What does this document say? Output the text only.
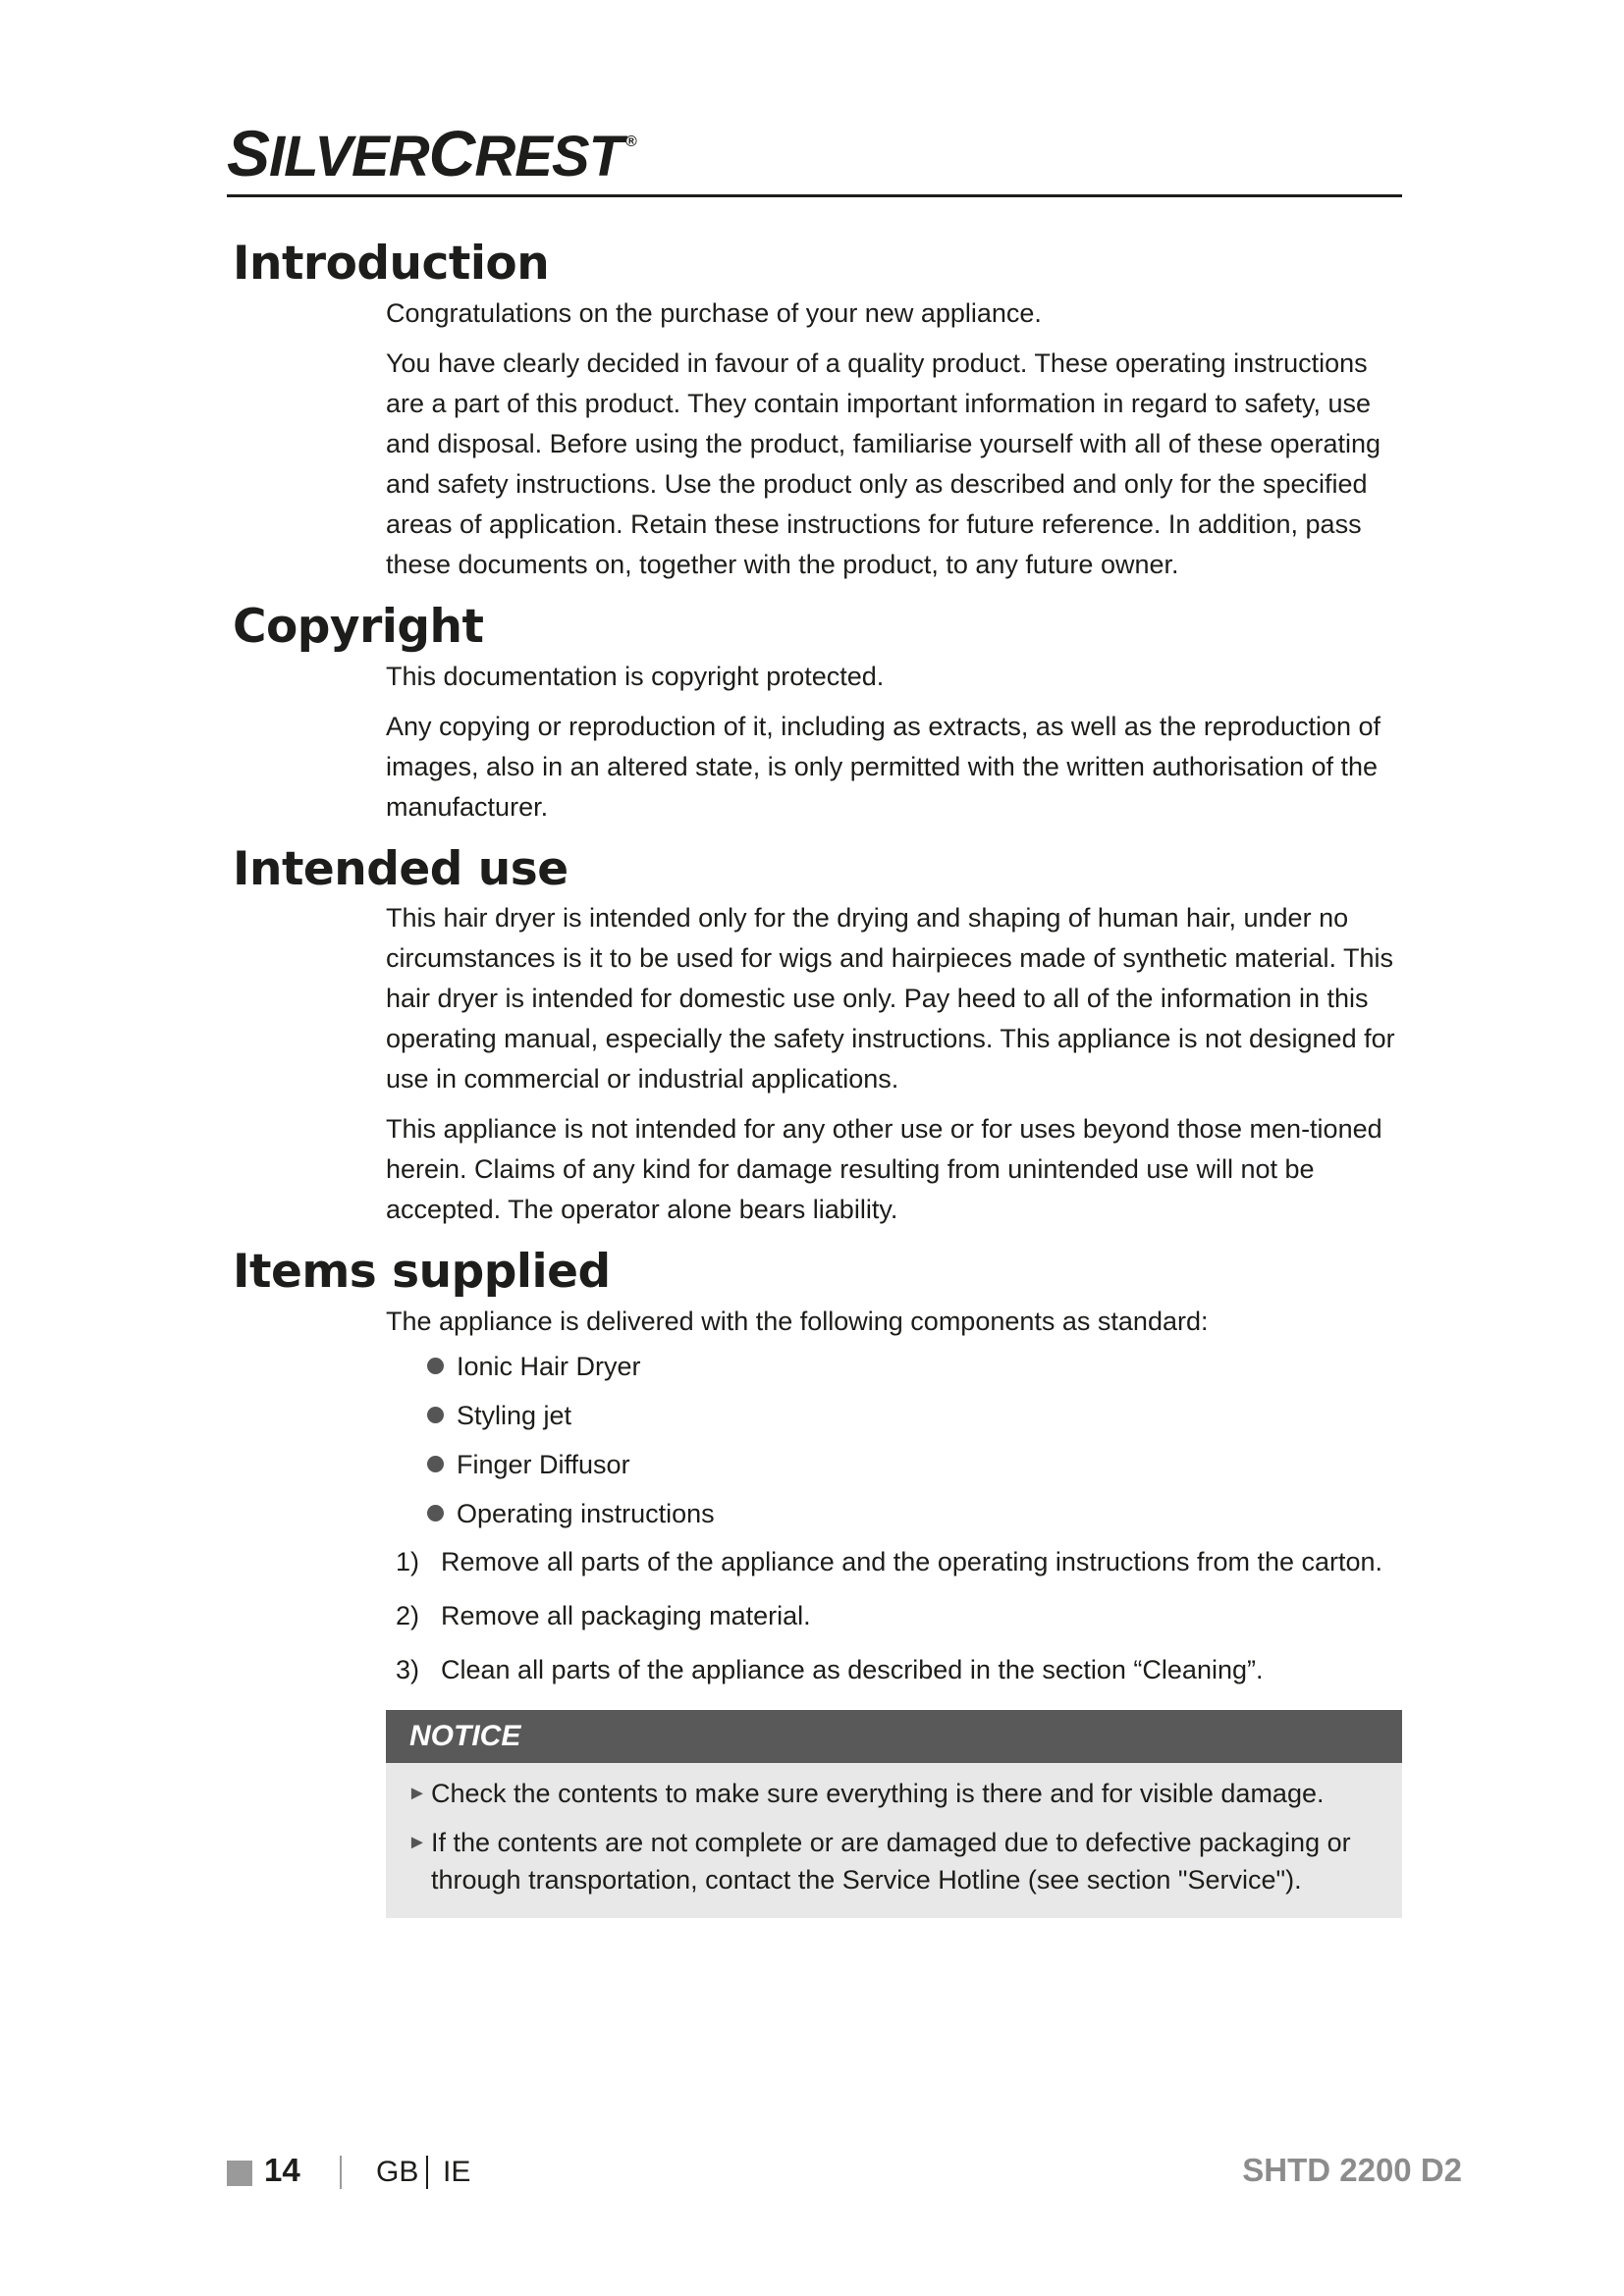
SILVERCREST ®
Introduction

Congratulations on the purchase of your new appliance.

You have clearly decided in favour of a quality product. These operating instructions are a part of this product. They contain important information in regard to safety, use and disposal. Before using the product, familiarise yourself with all of these operating and safety instructions. Use the product only as described and only for the specified areas of application. Retain these instructions for future reference. In addition, pass these documents on, together with the product, to any future owner.

Copyright

This documentation is copyright protected.

Any copying or reproduction of it, including as extracts, as well as the reproduction of images, also in an altered state, is only permitted with the written authorisation of the manufacturer.

Intended use

This hair dryer is intended only for the drying and shaping of human hair, under no circumstances is it to be used for wigs and hairpieces made of synthetic material. This hair dryer is intended for domestic use only. Pay heed to all of the information in this operating manual, especially the safety instructions. This appliance is not designed for use in commercial or industrial applications.

This appliance is not intended for any other use or for uses beyond those men-tioned herein. Claims of any kind for damage resulting from unintended use will not be accepted. The operator alone bears liability.

Items supplied

The appliance is delivered with the following components as standard:

Ionic Hair Dryer
Styling jet
Finger Diffusor
Operating instructions
1) Remove all parts of the appliance and the operating instructions from the carton.
2) Remove all packaging material.
3) Clean all parts of the appliance as described in the section “Cleaning”.
NOTICE
► Check the contents to make sure everything is there and for visible damage.
► If the contents are not complete or are damaged due to defective packaging or through transportation, contact the Service Hotline (see section "Service").
14	GB IE	SHTD 2200 D2
